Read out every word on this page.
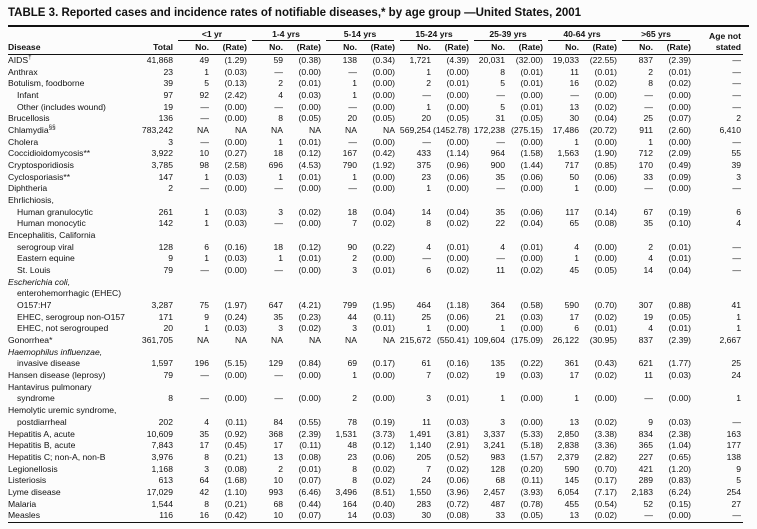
TABLE 3. Reported cases and incidence rates of notifiable diseases,* by age group —United States, 2001

		<1 yr		1-4 yrs		5-14 yrs		15-24 yrs		25-39 yrs		40-64 yrs		>65 yrs		Age not
Disease	Total	No.	(Rate)	No.	(Rate)	No.	(Rate)	No.	(Rate)	No.	(Rate)	No.	(Rate)	No.	(Rate)	stated
AIDS†	41,868	49	(1.29)	59	(0.38)	138	(0.34)	1,721	(4.39)	20,031	(32.00)	19,033	(22.55)	837	(2.39)	—
Anthrax	23	1	(0.03)	—	(0.00)	—	(0.00)	1	(0.00)	8	(0.01)	11	(0.01)	2	(0.01)	—
Botulism, foodborne	39	5	(0.13)	2	(0.01)	1	(0.00)	2	(0.01)	5	(0.01)	16	(0.02)	8	(0.02)	—
Infant	97	92	(2.42)	4	(0.03)	1	(0.00)	—	(0.00)	—	(0.00)	—	(0.00)	—	(0.00)	—
Other (includes wound)	19	—	(0.00)	—	(0.00)	—	(0.00)	1	(0.00)	5	(0.01)	13	(0.02)	—	(0.00)	—
Brucellosis	136	—	(0.00)	8	(0.05)	20	(0.05)	20	(0.05)	31	(0.05)	30	(0.04)	25	(0.07)	2
Chlamydia§§	783,242	NA	NA	NA	NA	NA	NA	569,254	(1452.78)	172,238	(275.15)	17,486	(20.72)	911	(2.60)	6,410
Cholera	3	—	(0.00)	1	(0.01)	—	(0.00)	—	(0.00)	—	(0.00)	1	(0.00)	1	(0.00)	—
Coccidioidomycosis**	3,922	10	(0.27)	18	(0.12)	167	(0.42)	433	(1.14)	964	(1.58)	1,563	(1.90)	712	(2.09)	55
Cryptosporidiosis	3,785	98	(2.58)	696	(4.53)	790	(1.92)	375	(0.96)	900	(1.44)	717	(0.85)	170	(0.49)	39
Cyclosporiasis**	147	1	(0.03)	1	(0.01)	1	(0.00)	23	(0.06)	35	(0.06)	50	(0.06)	33	(0.09)	3
Diphtheria	2	—	(0.00)	—	(0.00)	—	(0.00)	1	(0.00)	—	(0.00)	1	(0.00)	—	(0.00)	—
Ehrlichiosis,																
Human granulocytic	261	1	(0.03)	3	(0.02)	18	(0.04)	14	(0.04)	35	(0.06)	117	(0.14)	67	(0.19)	6
Human monocytic	142	1	(0.03)	—	(0.00)	7	(0.02)	8	(0.02)	22	(0.04)	65	(0.08)	35	(0.10)	4
Encephalitis, California																
serogroup viral	128	6	(0.16)	18	(0.12)	90	(0.22)	4	(0.01)	4	(0.01)	4	(0.00)	2	(0.01)	—
Eastern equine	9	1	(0.03)	1	(0.01)	2	(0.00)	—	(0.00)	—	(0.00)	1	(0.00)	4	(0.01)	—
St. Louis	79	—	(0.00)	—	(0.00)	3	(0.01)	6	(0.02)	11	(0.02)	45	(0.05)	14	(0.04)	—
Escherichia coli,																
enterohemorrhagic (EHEC)																
O157:H7	3,287	75	(1.97)	647	(4.21)	799	(1.95)	464	(1.18)	364	(0.58)	590	(0.70)	307	(0.88)	41
EHEC, serogroup non-O157	171	9	(0.24)	35	(0.23)	44	(0.11)	25	(0.06)	21	(0.03)	17	(0.02)	19	(0.05)	1
EHEC, not serogrouped	20	1	(0.03)	3	(0.02)	3	(0.01)	1	(0.00)	1	(0.00)	6	(0.01)	4	(0.01)	1
Gonorrhea*	361,705	NA	NA	NA	NA	NA	NA	215,672	(550.41)	109,604	(175.09)	26,122	(30.95)	837	(2.39)	2,667
Haemophilus influenzae,																
invasive disease	1,597	196	(5.15)	129	(0.84)	69	(0.17)	61	(0.16)	135	(0.22)	361	(0.43)	621	(1.77)	25
Hansen disease (leprosy)	79	—	(0.00)	—	(0.00)	1	(0.00)	7	(0.02)	19	(0.03)	17	(0.02)	11	(0.03)	24
Hantavirus pulmonary																
syndrome	8	—	(0.00)	—	(0.00)	2	(0.00)	3	(0.01)	1	(0.00)	1	(0.00)	—	(0.00)	1
Hemolytic uremic syndrome,																
postdiarrheal	202	4	(0.11)	84	(0.55)	78	(0.19)	11	(0.03)	3	(0.00)	13	(0.02)	9	(0.03)	—
Hepatitis A, acute	10,609	35	(0.92)	368	(2.39)	1,531	(3.73)	1,491	(3.81)	3,337	(5.33)	2,850	(3.38)	834	(2.38)	163
Hepatitis B, acute	7,843	17	(0.45)	17	(0.11)	48	(0.12)	1,140	(2.91)	3,241	(5.18)	2,838	(3.36)	365	(1.04)	177
Hepatitis C; non-A, non-B	3,976	8	(0.21)	13	(0.08)	23	(0.06)	205	(0.52)	983	(1.57)	2,379	(2.82)	227	(0.65)	138
Legionellosis	1,168	3	(0.08)	2	(0.01)	8	(0.02)	7	(0.02)	128	(0.20)	590	(0.70)	421	(1.20)	9
Listeriosis	613	64	(1.68)	10	(0.07)	8	(0.02)	24	(0.06)	68	(0.11)	145	(0.17)	289	(0.83)	5
Lyme disease	17,029	42	(1.10)	993	(6.46)	3,496	(8.51)	1,550	(3.96)	2,457	(3.93)	6,054	(7.17)	2,183	(6.24)	254
Malaria	1,544	8	(0.21)	68	(0.44)	164	(0.40)	283	(0.72)	487	(0.78)	455	(0.54)	52	(0.15)	27
Measles	116	16	(0.42)	10	(0.07)	14	(0.03)	30	(0.08)	33	(0.05)	13	(0.02)	—	(0.00)	—
